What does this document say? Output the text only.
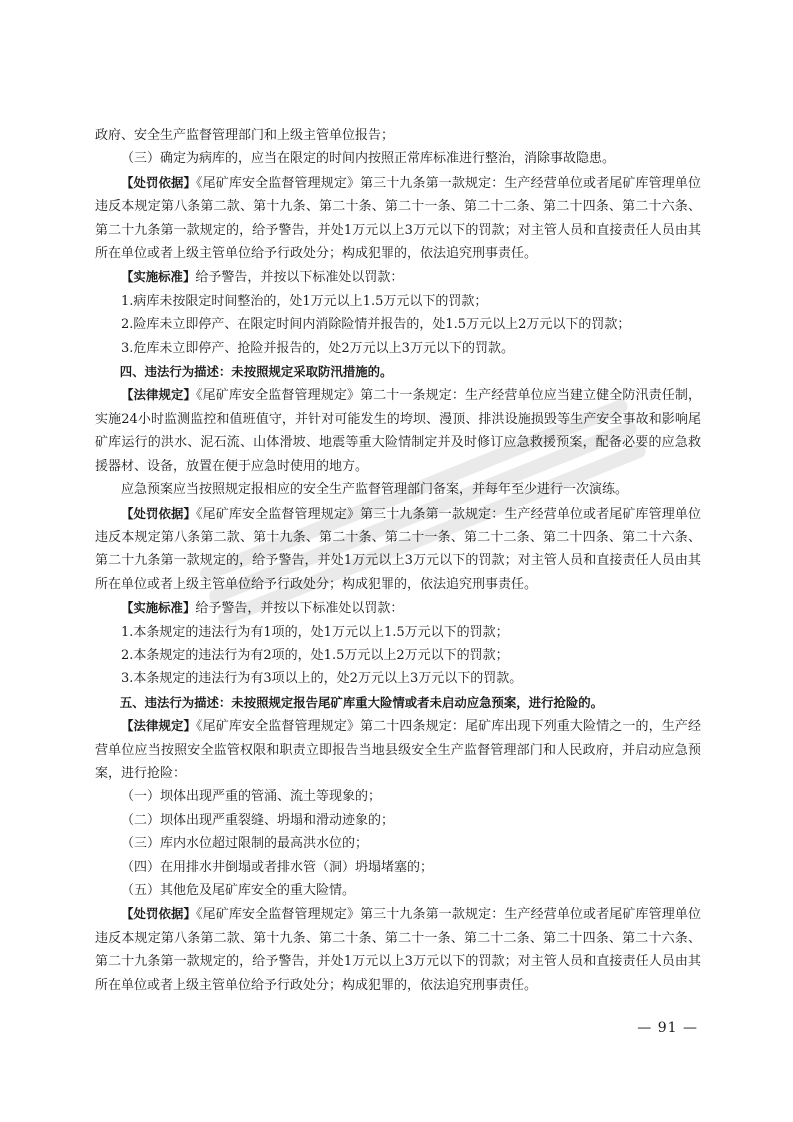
政府、安全生产监督管理部门和上级主管单位报告；

（三）确定为病库的，应当在限定的时间内按照正常库标准进行整治，消除事故隐患。

【处罚依据】《尾矿库安全监督管理规定》第三十九条第一款规定：生产经营单位或者尾矿库管理单位违反本规定第八条第二款、第十九条、第二十条、第二十一条、第二十二条、第二十四条、第二十六条、第二十九条第一款规定的，给予警告，并处1万元以上3万元以下的罚款；对主管人员和直接责任人员由其所在单位或者上级主管单位给予行政处分；构成犯罪的，依法追究刑事责任。

【实施标准】给予警告，并按以下标准处以罚款：

1.病库未按限定时间整治的，处1万元以上1.5万元以下的罚款；

2.险库未立即停产、在限定时间内消除险情并报告的，处1.5万元以上2万元以下的罚款；

3.危库未立即停产、抢险并报告的，处2万元以上3万元以下的罚款。

四、违法行为描述：未按照规定采取防汛措施的。

【法律规定】《尾矿库安全监督管理规定》第二十一条规定：生产经营单位应当建立健全防汛责任制，实施24小时监测监控和值班值守，并针对可能发生的垮坝、漫顶、排洪设施损毁等生产安全事故和影响尾矿库运行的洪水、泥石流、山体滑坡、地震等重大险情制定并及时修订应急救援预案，配备必要的应急救援器材、设备，放置在便于应急时使用的地方。

应急预案应当按照规定报相应的安全生产监督管理部门备案，并每年至少进行一次演练。

【处罚依据】《尾矿库安全监督管理规定》第三十九条第一款规定：生产经营单位或者尾矿库管理单位违反本规定第八条第二款、第十九条、第二十条、第二十一条、第二十二条、第二十四条、第二十六条、第二十九条第一款规定的，给予警告，并处1万元以上3万元以下的罚款；对主管人员和直接责任人员由其所在单位或者上级主管单位给予行政处分；构成犯罪的，依法追究刑事责任。

【实施标准】给予警告，并按以下标准处以罚款：

1.本条规定的违法行为有1项的，处1万元以上1.5万元以下的罚款；

2.本条规定的违法行为有2项的，处1.5万元以上2万元以下的罚款；

3.本条规定的违法行为有3项以上的，处2万元以上3万元以下的罚款。

五、违法行为描述：未按照规定报告尾矿库重大险情或者未启动应急预案，进行抢险的。

【法律规定】《尾矿库安全监督管理规定》第二十四条规定：尾矿库出现下列重大险情之一的，生产经营单位应当按照安全监管权限和职责立即报告当地县级安全生产监督管理部门和人民政府，并启动应急预案，进行抢险：

（一）坝体出现严重的管涌、流土等现象的；

（二）坝体出现严重裂缝、坍塌和滑动迹象的；

（三）库内水位超过限制的最高洪水位的；

（四）在用排水井倒塌或者排水管（洞）坍塌堵塞的；

（五）其他危及尾矿库安全的重大险情。

【处罚依据】《尾矿库安全监督管理规定》第三十九条第一款规定：生产经营单位或者尾矿库管理单位违反本规定第八条第二款、第十九条、第二十条、第二十一条、第二十二条、第二十四条、第二十六条、第二十九条第一款规定的，给予警告，并处1万元以上3万元以下的罚款；对主管人员和直接责任人员由其所在单位或者上级主管单位给予行政处分；构成犯罪的，依法追究刑事责任。

— 91 —
